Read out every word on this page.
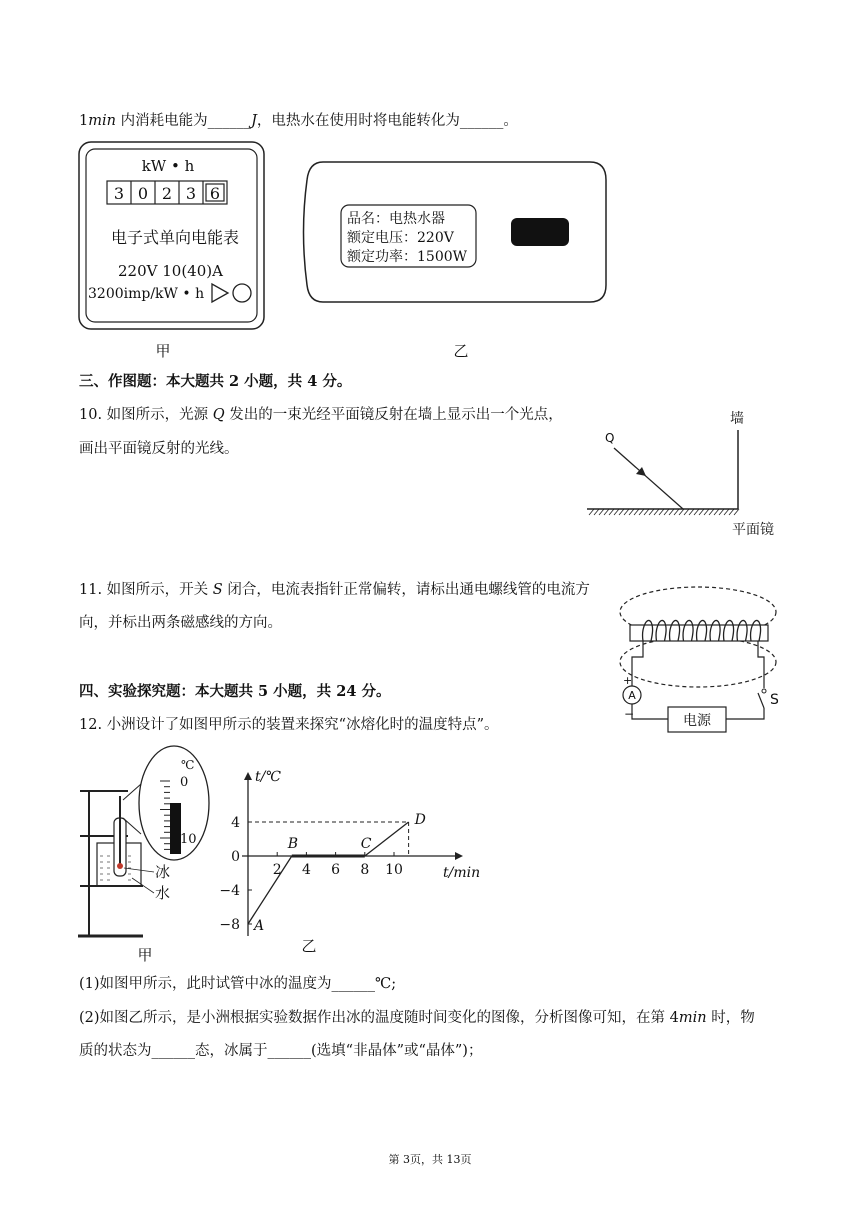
1min 内消耗电能为______J，电热水在使用时将电能转化为______。
kW • h
3 0 2 3 6
电子式单向电能表
220V 10(40)A
3200imp/kW • h
甲
品名：电热水器
额定电压：220V
额定功率：1500W
乙
三、作图题：本大题共 2 小题，共 4 分。
10. 如图所示，光源 Q 发出的一束光经平面镜反射在墙上显示出一个光点，
画出平面镜反射的光线。
墙
Q
平面镜
11. 如图所示，开关 S 闭合，电流表指针正常偏转，请标出通电螺线管的电流方
向，并标出两条磁感线的方向。
A
+
−	电源
S
四、实验探究题：本大题共 5 小题，共 24 分。
12. 小洲设计了如图甲所示的装置来探究“冰熔化时的温度特点”。
℃
0
10
冰
水
甲
t/min
t/℃
2 4 6 8 10
4
0
−4
−8 A
B	C
D
乙
(1)如图甲所示，此时试管中冰的温度为______℃;
(2)如图乙所示，是小洲根据实验数据作出冰的温度随时间变化的图像，分析图像可知，在第 4min 时，物
质的状态为______态，冰属于______(选填“非晶体”或“晶体”)；
第 3页，共 13页
